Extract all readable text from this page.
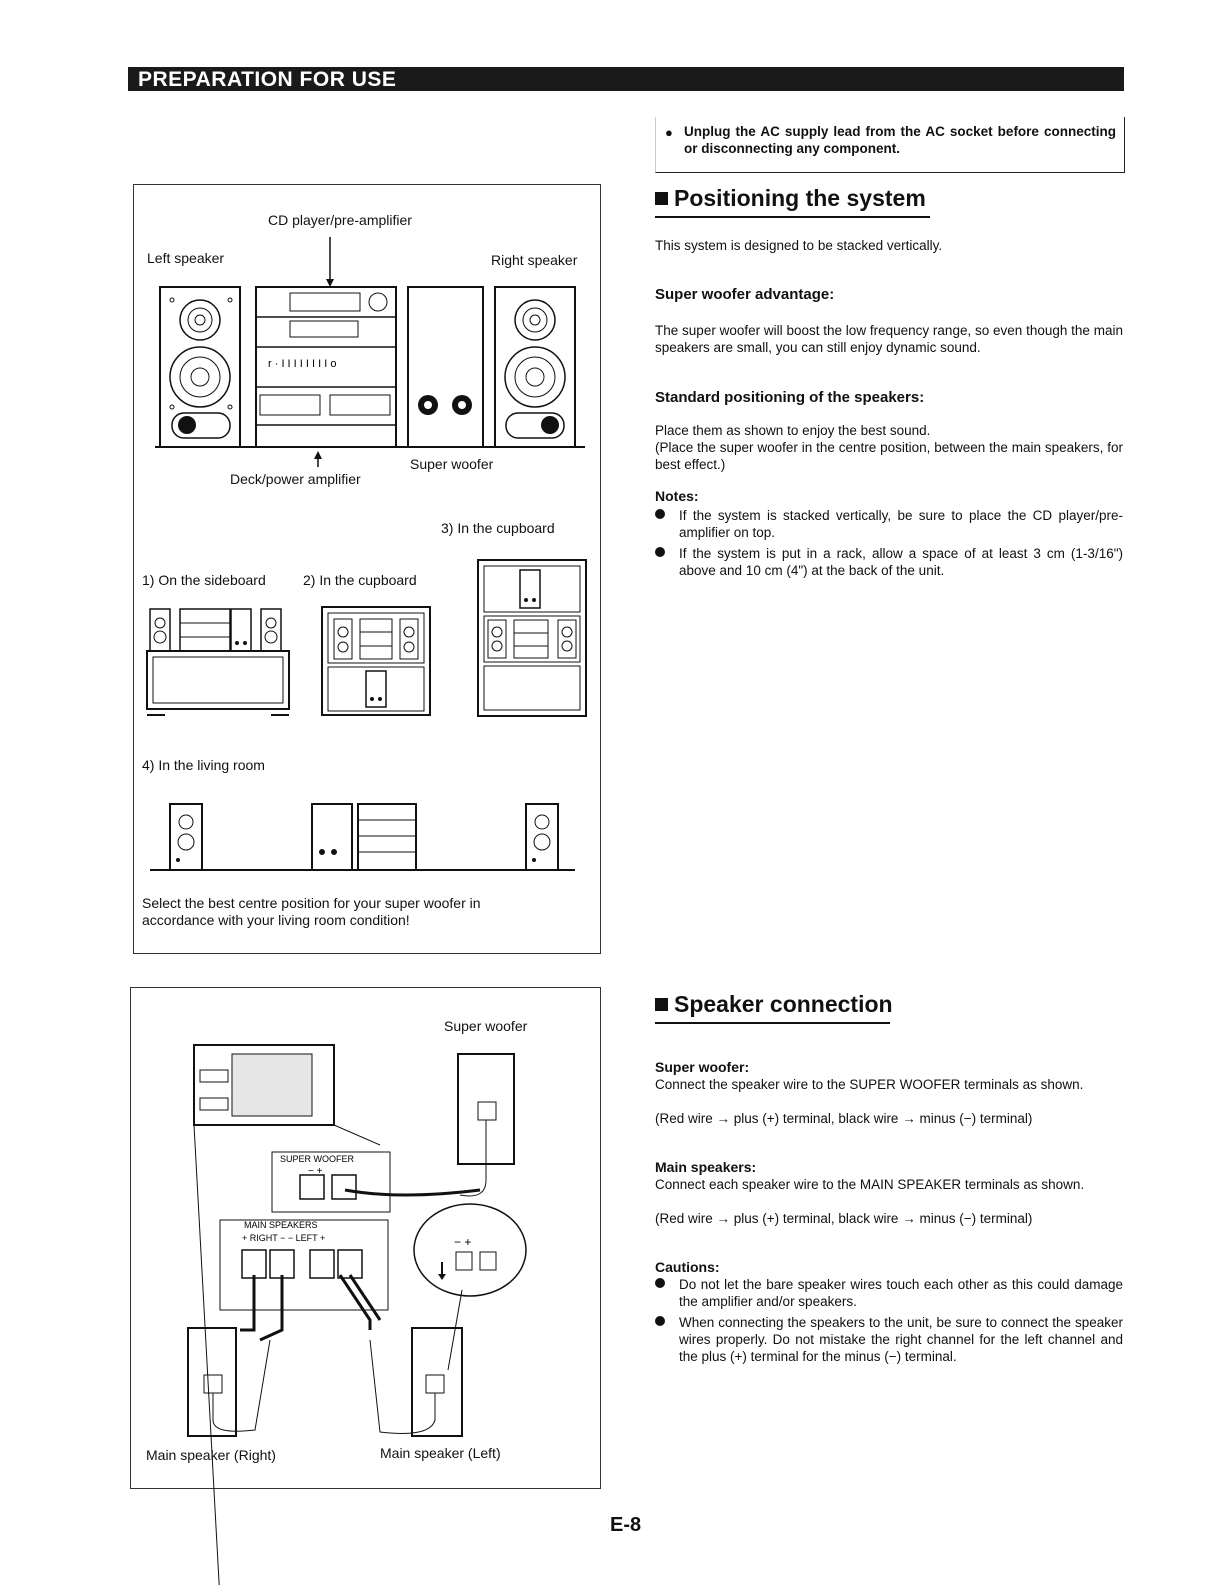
PREPARATION FOR USE
● Unplug the AC supply lead from the AC socket before connecting or disconnecting any component.
Positioning the system
This system is designed to be stacked vertically.
Super woofer advantage:
The super woofer will boost the low frequency range, so even though the main speakers are small, you can still enjoy dynamic sound.
Standard positioning of the speakers:
Place them as shown to enjoy the best sound.
(Place the super woofer in the centre position, between the main speakers, for best effect.)
Notes:
If the system is stacked vertically, be sure to place the CD player/pre-amplifier on top.
If the system is put in a rack, allow a space of at least 3 cm (1-3/16") above and 10 cm (4") at the back of the unit.
CD player/pre-amplifier
Left speaker	Right speaker
r · I I I I I I I I o
Deck/power amplifier
Super woofer
3) In the cupboard
1) On the sideboard	2) In the cupboard
4) In the living room
Select the best centre position for your super woofer in accordance with your living room condition!
Super woofer
SUPER WOOFER
− +
MAIN SPEAKERS
+ RIGHT − − LEFT +	− +
Main speaker (Right)	Main speaker (Left)
Speaker connection
Super woofer:
Connect the speaker wire to the SUPER WOOFER terminals as shown.
(Red wire → plus (+) terminal, black wire → minus (−) terminal)
Main speakers:
Connect each speaker wire to the MAIN SPEAKER terminals as shown.
(Red wire → plus (+) terminal, black wire → minus (−) terminal)
Cautions:
Do not let the bare speaker wires touch each other as this could damage the amplifier and/or speakers.
When connecting the speakers to the unit, be sure to connect the speaker wires properly. Do not mistake the right channel for the left channel and the plus (+) terminal for the minus (−) terminal.
E-8
